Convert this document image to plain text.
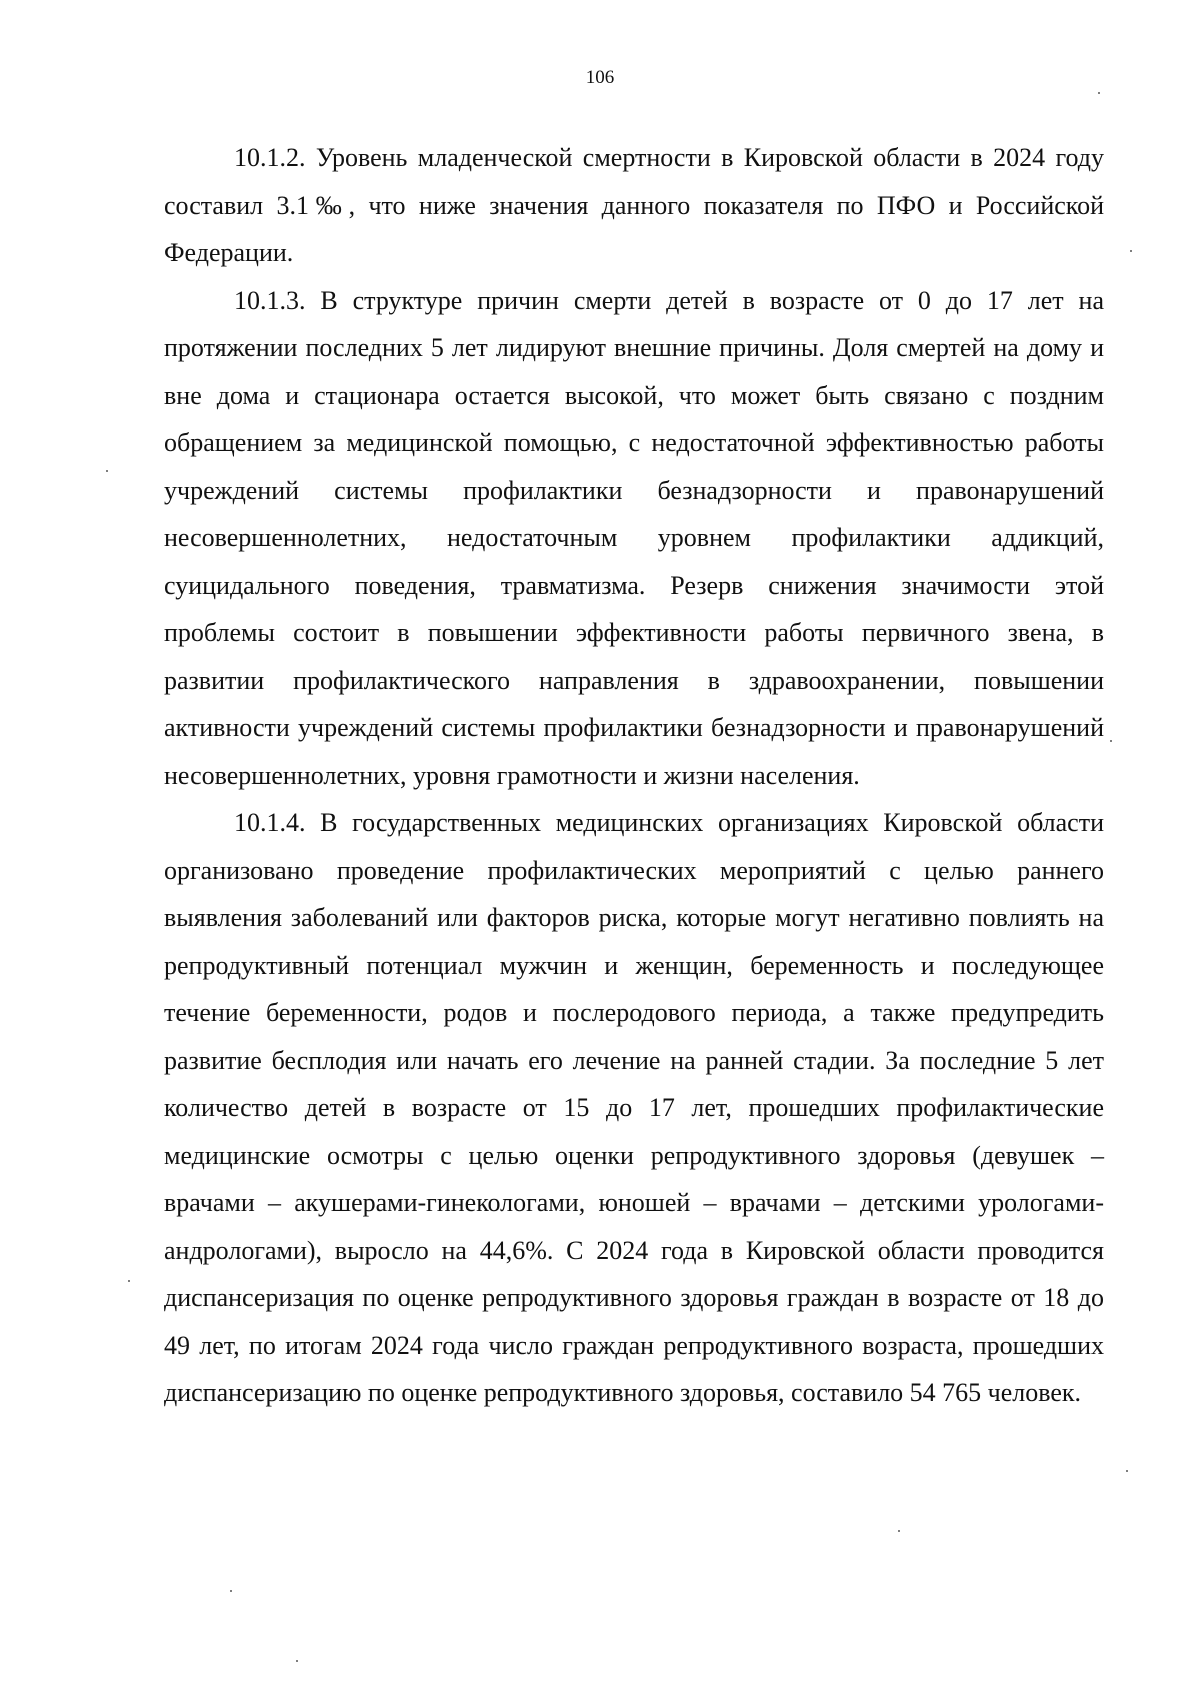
106

10.1.2. Уровень младенческой смертности в Кировской области в 2024 году составил 3.1‰, что ниже значения данного показателя по ПФО и Российской Федерации.

10.1.3. В структуре причин смерти детей в возрасте от 0 до 17 лет на протяжении последних 5 лет лидируют внешние причины. Доля смертей на дому и вне дома и стационара остается высокой, что может быть связано с поздним обращением за медицинской помощью, с недостаточной эффективностью работы учреждений системы профилактики безнадзорности и правонарушений несовершеннолетних, недостаточным уровнем профилактики аддикций, суицидального поведения, травматизма. Резерв снижения значимости этой проблемы состоит в повышении эффективности работы первичного звена, в развитии профилактического направления в здравоохранении, повышении активности учреждений системы профилактики безнадзорности и правонарушений несовершеннолетних, уровня грамотности и жизни населения.

10.1.4. В государственных медицинских организациях Кировской области организовано проведение профилактических мероприятий с целью раннего выявления заболеваний или факторов риска, которые могут негативно повлиять на репродуктивный потенциал мужчин и женщин, беременность и последующее течение беременности, родов и послеродового периода, а также предупредить развитие бесплодия или начать его лечение на ранней стадии. За последние 5 лет количество детей в возрасте от 15 до 17 лет, прошедших профилактические медицинские осмотры с целью оценки репродуктивного здоровья (девушек – врачами – акушерами-гинекологами, юношей – врачами – детскими урологами-андрологами), выросло на 44,6%. С 2024 года в Кировской области проводится диспансеризация по оценке репродуктивного здоровья граждан в возрасте от 18 до 49 лет, по итогам 2024 года число граждан репродуктивного возраста, прошедших диспансеризацию по оценке репродуктивного здоровья, составило 54 765 человек.
